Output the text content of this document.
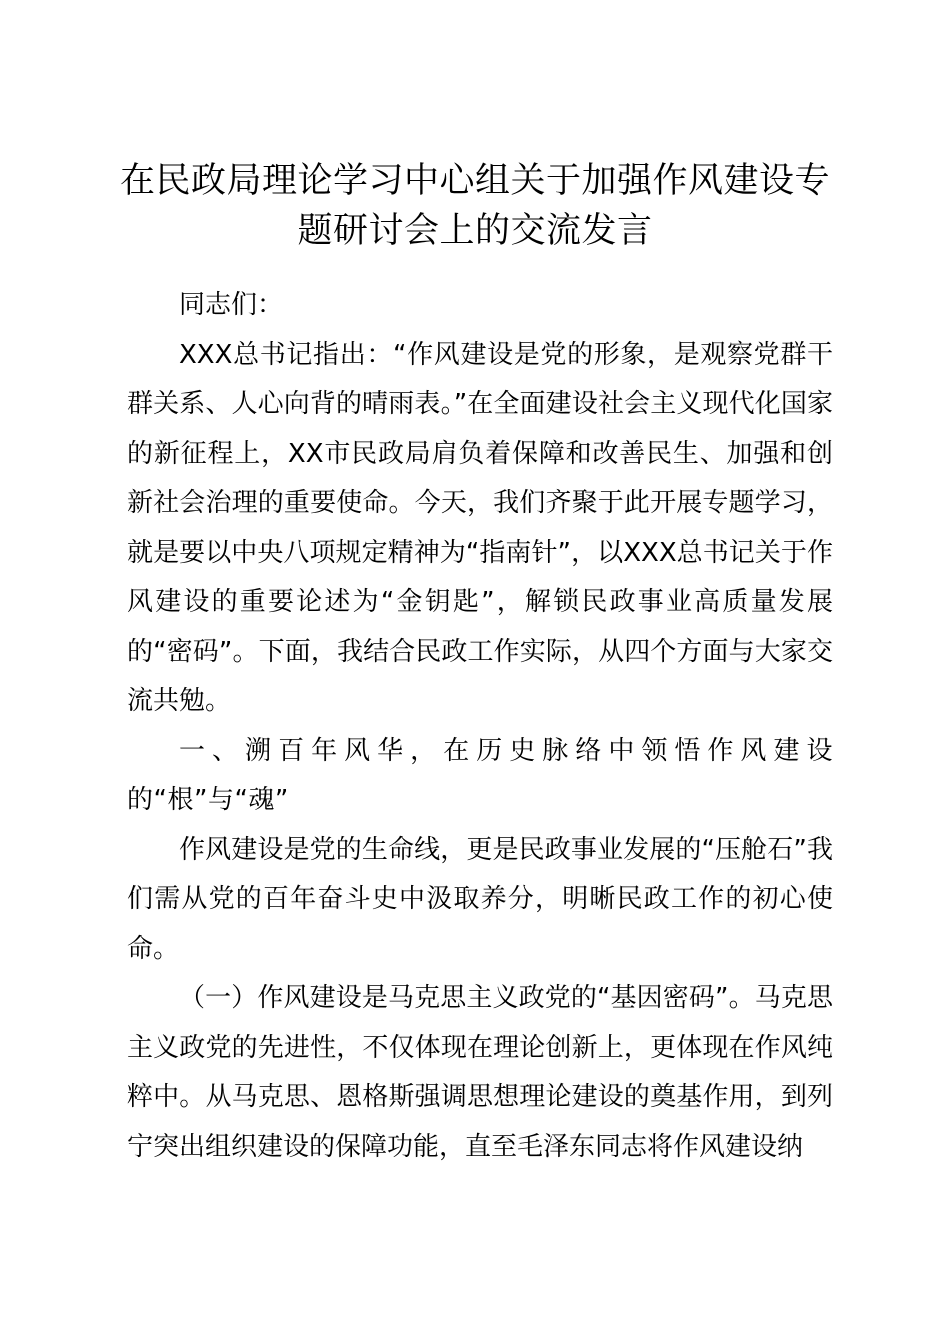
在民政局理论学习中心组关于加强作风建设专题研讨会上的交流发言

同志们：

XXX总书记指出：“作风建设是党的形象，是观察党群干群关系、人心向背的晴雨表。”在全面建设社会主义现代化国家的新征程上，XX市民政局肩负着保障和改善民生、加强和创新社会治理的重要使命。今天，我们齐聚于此开展专题学习，就是要以中央八项规定精神为“指南针”，以XXX总书记关于作风建设的重要论述为“金钥匙”，解锁民政事业高质量发展的“密码”。下面，我结合民政工作实际，从四个方面与大家交流共勉。

一、溯百年风华，在历史脉络中领悟作风建设的“根”与“魂”

作风建设是党的生命线，更是民政事业发展的“压舱石”我们需从党的百年奋斗史中汲取养分，明晰民政工作的初心使命。

（一）作风建设是马克思主义政党的“基因密码”。马克思主义政党的先进性，不仅体现在理论创新上，更体现在作风纯粹中。从马克思、恩格斯强调思想理论建设的奠基作用，到列宁突出组织建设的保障功能，直至毛泽东同志将作风建设纳
